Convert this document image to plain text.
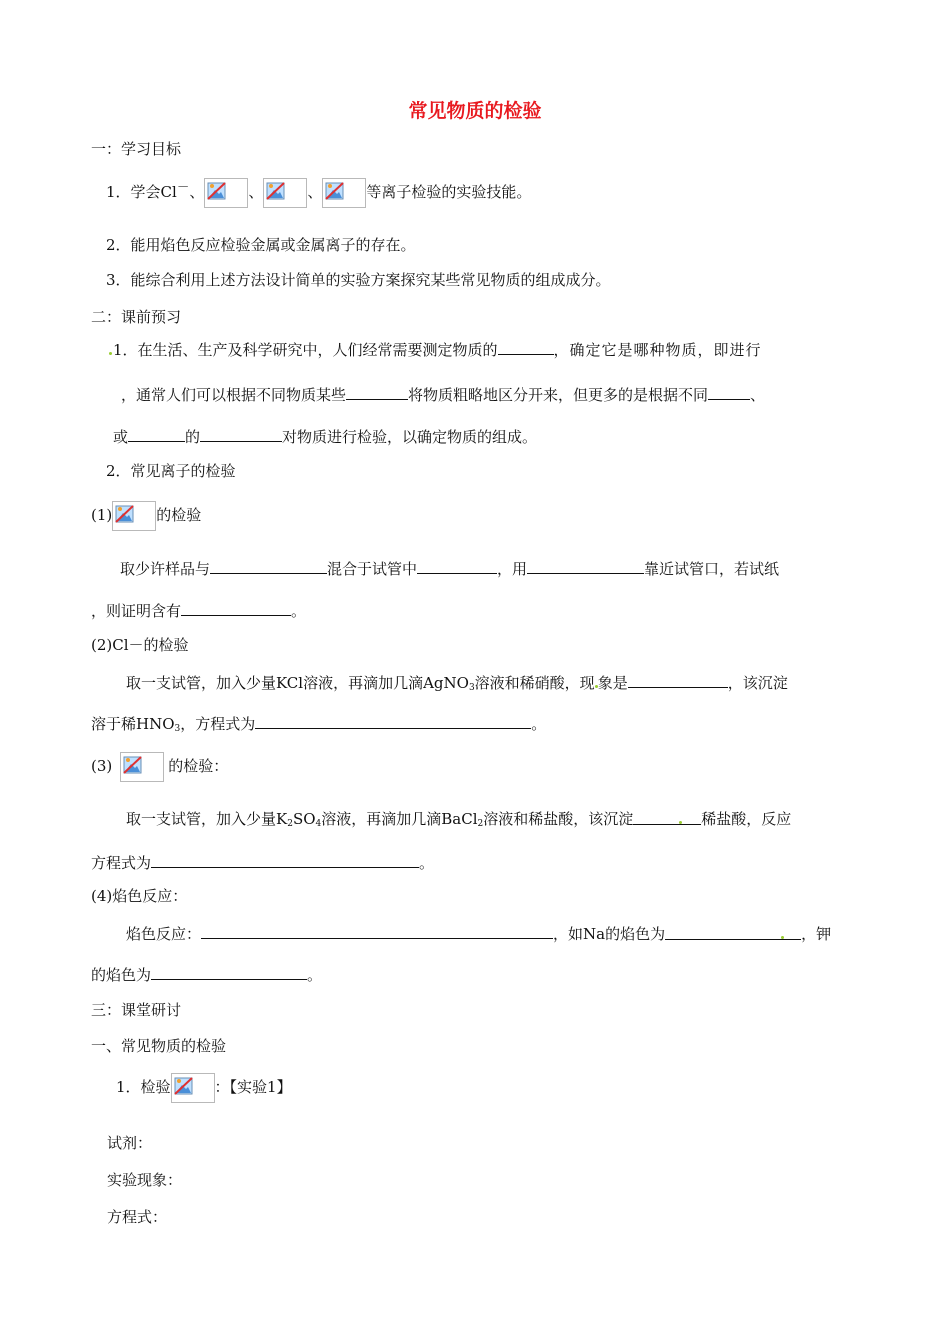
常见物质的检验
一：学习目标
1．学会Cl－、	、	、	等离子检验的实验技能。
2．能用焰色反应检验金属或金属离子的存在。
3．能综合利用上述方法设计简单的实验方案探究某些常见物质的组成成分。
二：课前预习
1．在生活、生产及科学研究中，人们经常需要测定物质的	，确定它是哪种物质，即进行
，通常人们可以根据不同物质某些	将物质粗略地区分开来，但更多的是根据不同	、
或	的	对物质进行检验，以确定物质的组成。
2．常见离子的检验
(1)	的检验
取少许样品与	混合于试管中	，用	靠近试管口，若试纸
，则证明含有	。
(2)Cl－的检验
取一支试管，加入少量KCl溶液，再滴加几滴AgNO$_3$溶液和稀硝酸，现 象是	，该沉淀
溶于稀$HNO_3$，方程式为	。
(3)	的检验：
取一支试管，加入少量$K_2SO_4$溶液，再滴加几滴BaCl$_2$溶液和稀盐酸，该沉淀	稀盐酸，反应
方程式为	。
(4)焰色反应：
焰色反应：	，如Na的焰色为	，钾
的焰色为	。
三：课堂研讨
一、常见物质的检验
1．检验	：【实验1】
试剂：
实验现象：
方程式：
